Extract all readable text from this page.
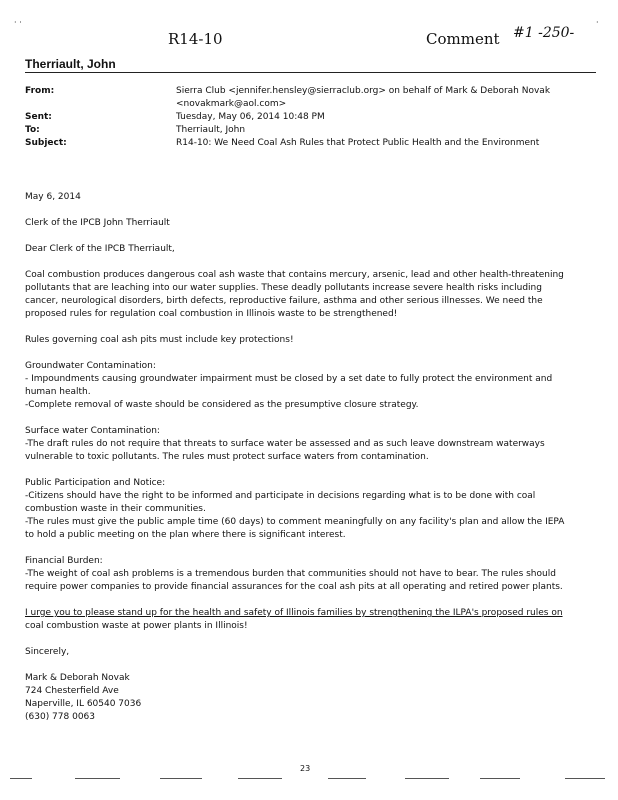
· ·	·
R14-10	Comment #1 -250-
Therriault, John
From:	Sierra Club <jennifer.hensley@sierraclub.org> on behalf of Mark & Deborah Novak
<novakmark@aol.com>
Sent:	Tuesday, May 06, 2014 10:48 PM
To:	Therriault, John
Subject:	R14-10: We Need Coal Ash Rules that Protect Public Health and the Environment

May 6, 2014

Clerk of the IPCB John Therriault

Dear Clerk of the IPCB Therriault,

Coal combustion produces dangerous coal ash waste that contains mercury, arsenic, lead and other health-threatening
pollutants that are leaching into our water supplies. These deadly pollutants increase severe health risks including
cancer, neurological disorders, birth defects, reproductive failure, asthma and other serious illnesses. We need the
proposed rules for regulation coal combustion in Illinois waste to be strengthened!

Rules governing coal ash pits must include key protections!

Groundwater Contamination:
- Impoundments causing groundwater impairment must be closed by a set date to fully protect the environment and
human health.
-Complete removal of waste should be considered as the presumptive closure strategy.

Surface water Contamination:
-The draft rules do not require that threats to surface water be assessed and as such leave downstream waterways
vulnerable to toxic pollutants. The rules must protect surface waters from contamination.

Public Participation and Notice:
-Citizens should have the right to be informed and participate in decisions regarding what is to be done with coal
combustion waste in their communities.
-The rules must give the public ample time (60 days) to comment meaningfully on any facility's plan and allow the IEPA
to hold a public meeting on the plan where there is significant interest.

Financial Burden:
-The weight of coal ash problems is a tremendous burden that communities should not have to bear. The rules should
require power companies to provide financial assurances for the coal ash pits at all operating and retired power plants.

I urge you to please stand up for the health and safety of Illinois families by strengthening the ILPA's proposed rules on
coal combustion waste at power plants in Illinois!

Sincerely,

Mark & Deborah Novak
724 Chesterfield Ave
Naperville, IL 60540 7036
(630) 778 0063

23
